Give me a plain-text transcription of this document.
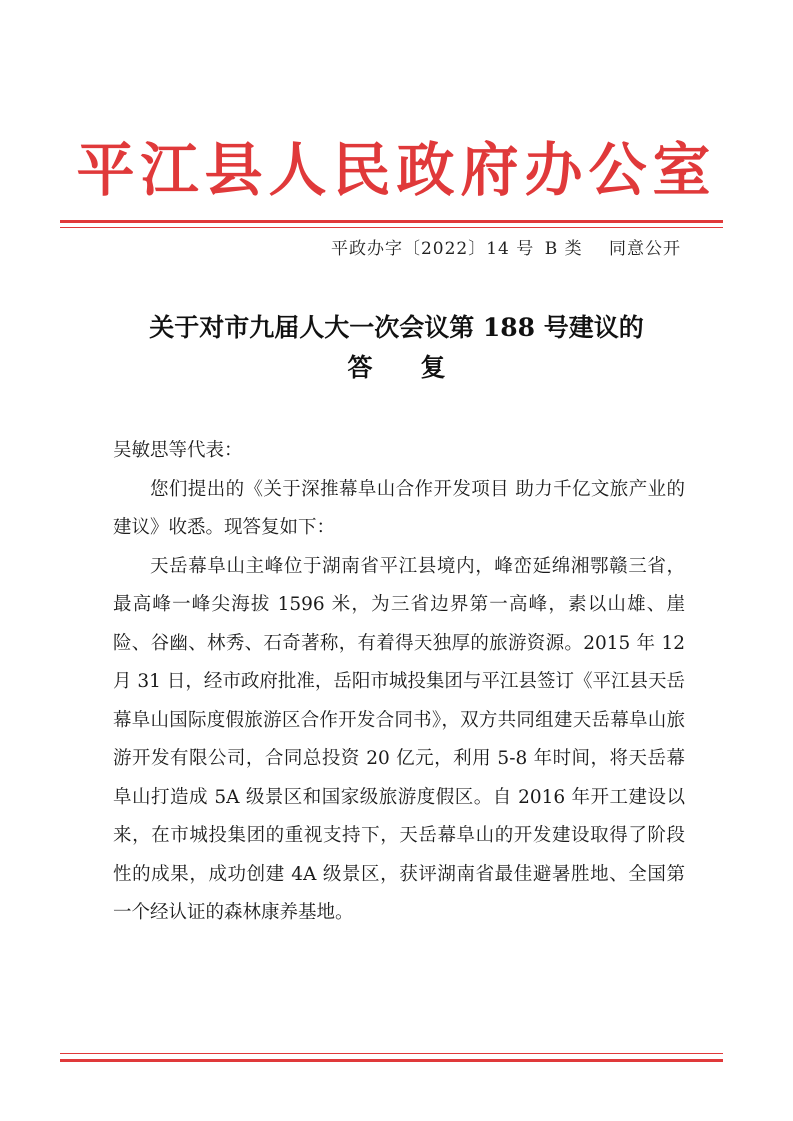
平江县人民政府办公室
平政办字〔2022〕14 号 B 类 同意公开
关于对市九届人大一次会议第 188 号建议的
答复

吴敏思等代表：

您们提出的《关于深推幕阜山合作开发项目 助力千亿文旅产业的建议》收悉。现答复如下：

天岳幕阜山主峰位于湖南省平江县境内，峰峦延绵湘鄂赣三省，最高峰一峰尖海拔 1596 米，为三省边界第一高峰，素以山雄、崖险、谷幽、林秀、石奇著称，有着得天独厚的旅游资源。2015 年 12 月 31 日，经市政府批准，岳阳市城投集团与平江县签订《平江县天岳幕阜山国际度假旅游区合作开发合同书》，双方共同组建天岳幕阜山旅游开发有限公司，合同总投资 20 亿元，利用 5-8 年时间，将天岳幕阜山打造成 5A 级景区和国家级旅游度假区。自 2016 年开工建设以来，在市城投集团的重视支持下，天岳幕阜山的开发建设取得了阶段性的成果，成功创建 4A 级景区，获评湖南省最佳避暑胜地、全国第一个经认证的森林康养基地。
